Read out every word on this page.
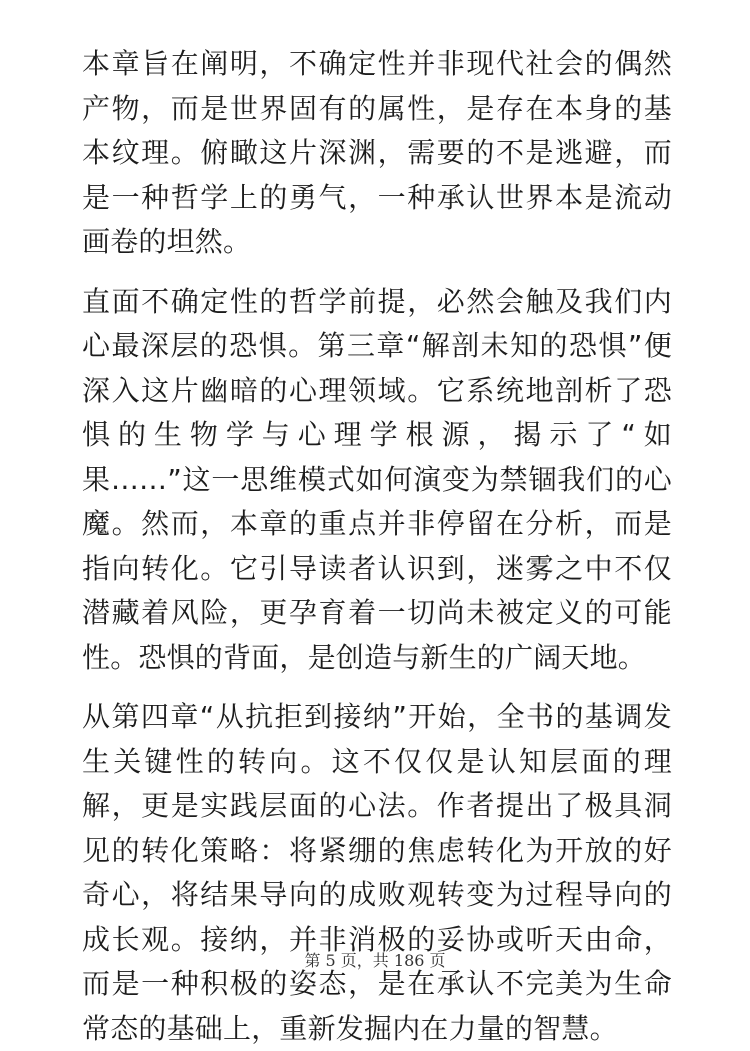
本章旨在阐明，不确定性并非现代社会的偶然产物，而是世界固有的属性，是存在本身的基本纹理。俯瞰这片深渊，需要的不是逃避，而是一种哲学上的勇气，一种承认世界本是流动画卷的坦然。

直面不确定性的哲学前提，必然会触及我们内心最深层的恐惧。第三章“解剖未知的恐惧”便深入这片幽暗的心理领域。它系统地剖析了恐惧的生物学与心理学根源，揭示了“如果……”这一思维模式如何演变为禁锢我们的心魔。然而，本章的重点并非停留在分析，而是指向转化。它引导读者认识到，迷雾之中不仅潜藏着风险，更孕育着一切尚未被定义的可能性。恐惧的背面，是创造与新生的广阔天地。

从第四章“从抗拒到接纳”开始，全书的基调发生关键性的转向。这不仅仅是认知层面的理解，更是实践层面的心法。作者提出了极具洞见的转化策略：将紧绷的焦虑转化为开放的好奇心，将结果导向的成败观转变为过程导向的成长观。接纳，并非消极的妥协或听天由命，而是一种积极的姿态，是在承认不完美为生命常态的基础上，重新发掘内在力量的智慧。

第 5 页，共 186 页
